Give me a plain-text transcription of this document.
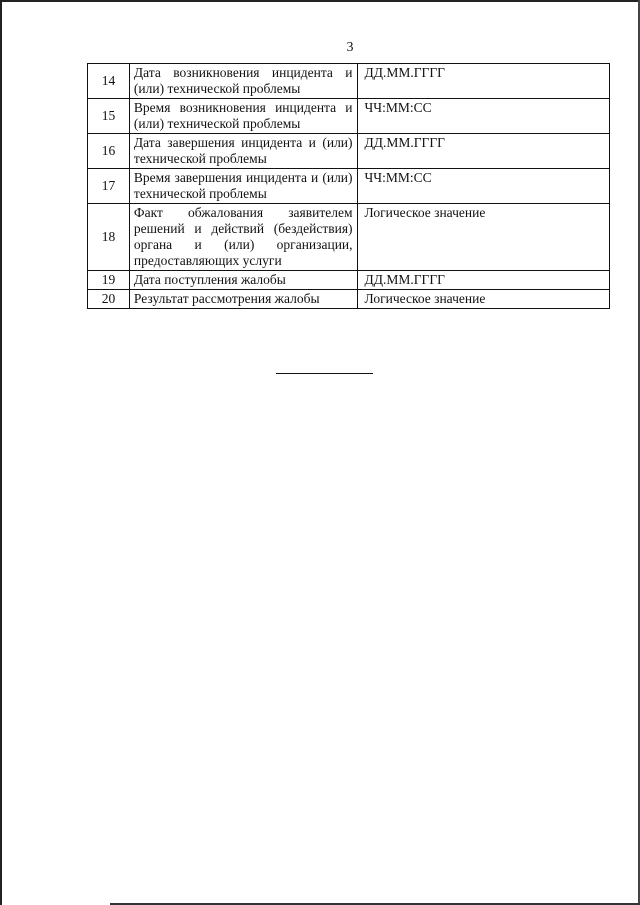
3
14	Дата возникновения инцидента и (или) технической проблемы	ДД.ММ.ГГГГ
15	Время возникновения инцидента и (или) технической проблемы	ЧЧ:ММ:СС
16	Дата завершения инцидента и (или) технической проблемы	ДД.ММ.ГГГГ
17	Время завершения инцидента и (или) технической проблемы	ЧЧ:ММ:СС
18	Факт обжалования заявителем решений и действий (бездействия) органа и (или) организации, предоставляющих услуги	Логическое значение
19	Дата поступления жалобы	ДД.ММ.ГГГГ
20	Результат рассмотрения жалобы	Логическое значение
